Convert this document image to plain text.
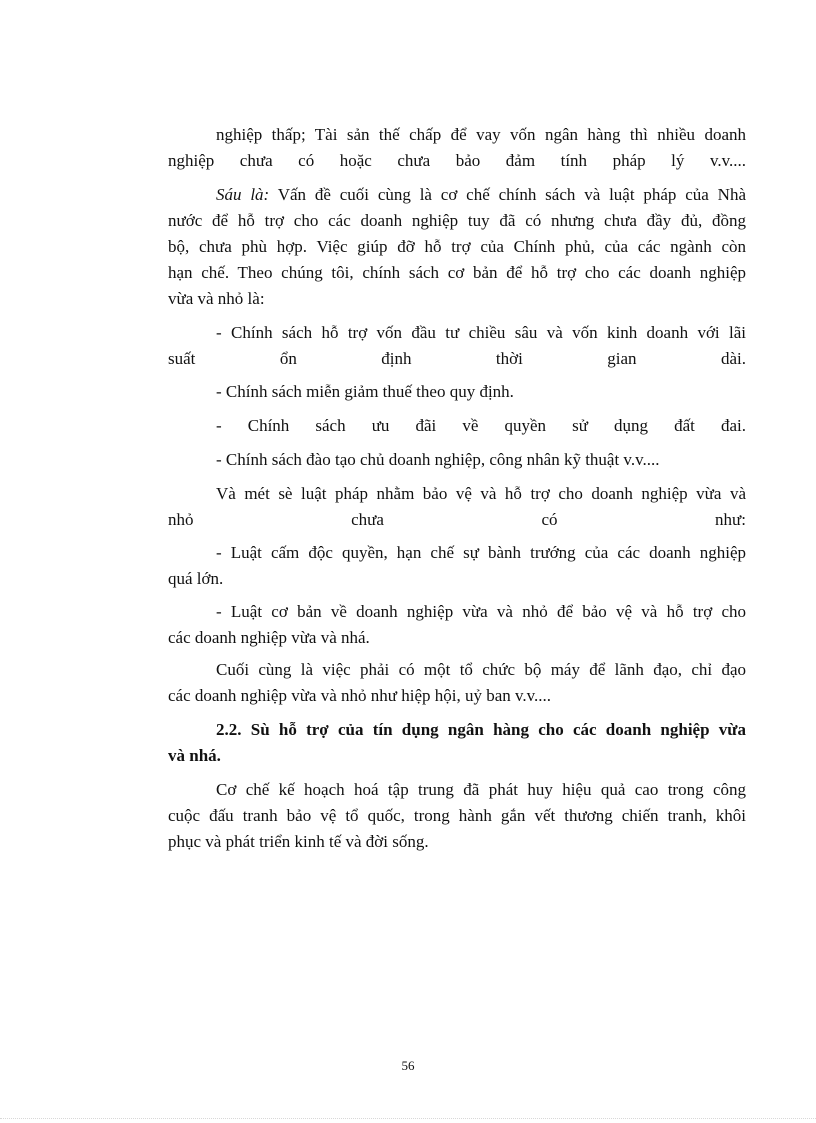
nghiệp thấp; Tài sản thế chấp để vay vốn ngân hàng thì nhiều doanh
nghiệp chưa có hoặc chưa bảo đảm tính pháp lý v.v....

Sáu là: Vấn đề cuối cùng là cơ chế chính sách và luật pháp của Nhà
nước để hỗ trợ cho các doanh nghiệp tuy đã có nhưng chưa đầy đủ, đồng
bộ, chưa phù hợp. Việc giúp đỡ hỗ trợ của Chính phủ, của các ngành còn
hạn chế. Theo chúng tôi, chính sách cơ bản để hỗ trợ cho các doanh nghiệp
vừa và nhỏ là:

- Chính sách hỗ trợ vốn đầu tư chiều sâu và vốn kinh doanh với lãi
suất ổn định thời gian dài.

- Chính sách miễn giảm thuế theo quy định.

- Chính sách ưu đãi về quyền sử dụng đất đai.

- Chính sách đào tạo chủ doanh nghiệp, công nhân kỹ thuật v.v....

Và mét sè luật pháp nhằm bảo vệ và hỗ trợ cho doanh nghiệp vừa và
nhỏ chưa có như:

- Luật cấm độc quyền, hạn chế sự bành trướng của các doanh nghiệp
quá lớn.

- Luật cơ bản về doanh nghiệp vừa và nhỏ để bảo vệ và hỗ trợ cho
các doanh nghiệp vừa và nhá.

Cuối cùng là việc phải có một tổ chức bộ máy để lãnh đạo, chỉ đạo
các doanh nghiệp vừa và nhỏ như hiệp hội, uỷ ban v.v....

2.2. Sù hỗ trợ của tín dụng ngân hàng cho các doanh nghiệp vừa
và nhá.

Cơ chế kế hoạch hoá tập trung đã phát huy hiệu quả cao trong công
cuộc đấu tranh bảo vệ tổ quốc, trong hành gắn vết thương chiến tranh, khôi
phục và phát triển kinh tế và đời sống.

56
